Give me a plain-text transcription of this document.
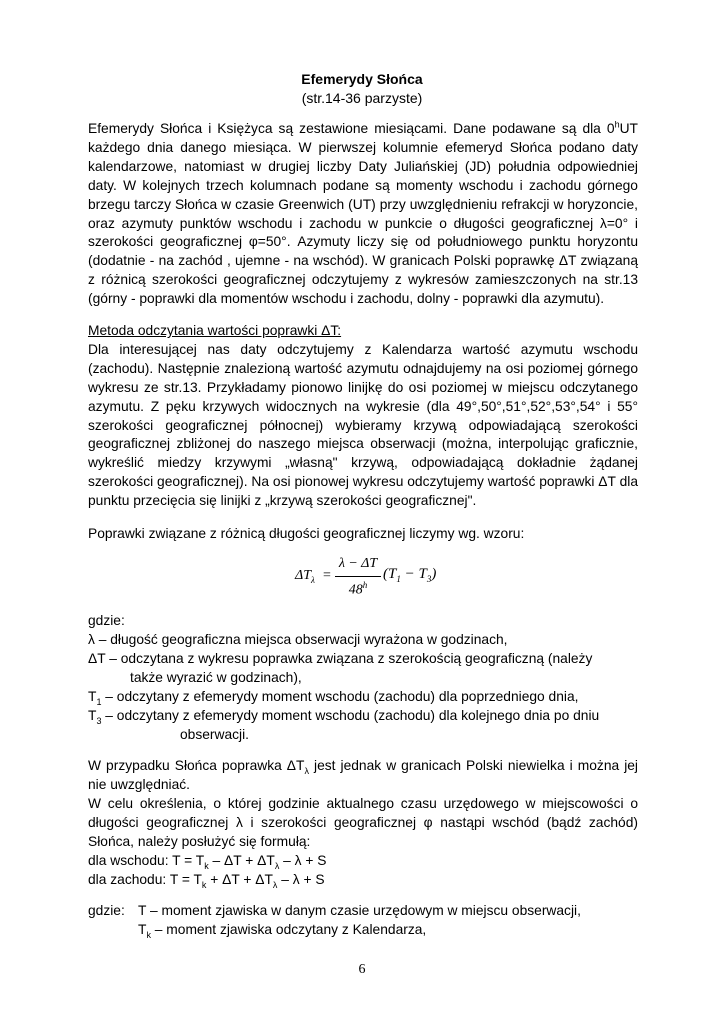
Efemerydy Słońca
(str.14-36 parzyste)
Efemerydy Słońca i Księżyca są zestawione miesiącami. Dane podawane są dla 0$^h$UT każdego dnia danego miesiąca. W pierwszej kolumnie efemeryd Słońca podano daty kalendarzowe, natomiast w drugiej liczby Daty Juliańskiej (JD) południa odpowiedniej daty. W kolejnych trzech kolumnach podane są momenty wschodu i zachodu górnego brzegu tarczy Słońca w czasie Greenwich (UT) przy uwzględnieniu refrakcji w horyzoncie, oraz azymuty punktów wschodu i zachodu w punkcie o długości geograficznej λ=0° i szerokości geograficznej φ=50°. Azymuty liczy się od południowego punktu horyzontu (dodatnie - na zachód , ujemne - na wschód). W granicach Polski poprawkę ΔT związaną z różnicą szerokości geograficznej odczytujemy z wykresów zamieszczonych na str.13 (górny - poprawki dla momentów wschodu i zachodu, dolny - poprawki dla azymutu).
Metoda odczytania wartości poprawki ΔT:
Dla interesującej nas daty odczytujemy z Kalendarza wartość azymutu wschodu (zachodu). Następnie znalezioną wartość azymutu odnajdujemy na osi poziomej górnego wykresu ze str.13. Przykładamy pionowo linijkę do osi poziomej w miejscu odczytanego azymutu. Z pęku krzywych widocznych na wykresie (dla 49°,50°,51°,52°,53°,54° i 55° szerokości geograficznej północnej) wybieramy krzywą odpowiadającą szerokości geograficznej zbliżonej do naszego miejsca obserwacji (można, interpolując graficznie, wykreślić miedzy krzywymi „własną" krzywą, odpowiadającą dokładnie żądanej szerokości geograficznej). Na osi pionowej wykresu odczytujemy wartość poprawki ΔT dla punktu przecięcia się linijki z „krzywą szerokości geograficznej".
Poprawki związane z różnicą długości geograficznej liczymy wg. wzoru:
$\Delta T_\lambda$ =
λ − ΔT
48$^h$
$(T_1 - T_3)$
gdzie:
λ – długość geograficzna miejsca obserwacji wyrażona w godzinach,
ΔT – odczytana z wykresu poprawka związana z szerokością geograficzną (należy
także wyrazić w godzinach),
$T_1$ – odczytany z efemerydy moment wschodu (zachodu) dla poprzedniego dnia,
$T_3$ – odczytany z efemerydy moment wschodu (zachodu) dla kolejnego dnia po dniu
obserwacji.
W przypadku Słońca poprawka $\Delta T_\lambda$ jest jednak w granicach Polski niewielka i można jej nie uwzględniać.
W celu określenia, o której godzinie aktualnego czasu urzędowego w miejscowości o długości geograficznej λ i szerokości geograficznej φ nastąpi wschód (bądź zachód) Słońca, należy posłużyć się formułą:
dla wschodu: $T = T_k - \Delta T + \Delta T_\lambda - \lambda + S$
dla zachodu: $T = T_k + \Delta T + \Delta T_\lambda - \lambda + S$
gdzie: T – moment zjawiska w danym czasie urzędowym w miejscu obserwacji,
$T_k$ – moment zjawiska odczytany z Kalendarza,
6
